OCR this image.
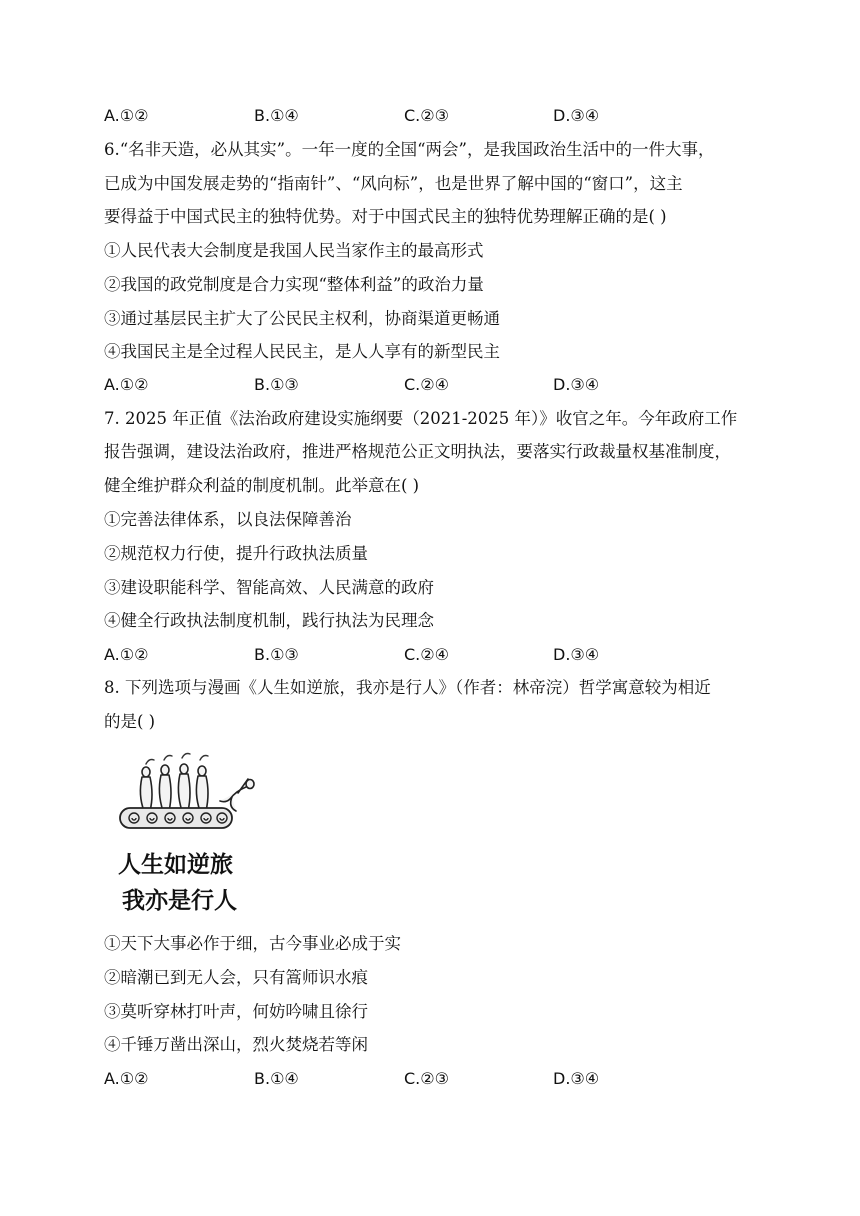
A.①②	B.①④	C.②③	D.③④
6.“名非天造，必从其实”。一年一度的全国“两会”，是我国政治生活中的一件大事，
已成为中国发展走势的“指南针”、“风向标”，也是世界了解中国的“窗口”，这主
要得益于中国式民主的独特优势。对于中国式民主的独特优势理解正确的是( )
①人民代表大会制度是我国人民当家作主的最高形式
②我国的政党制度是合力实现“整体利益”的政治力量
③通过基层民主扩大了公民民主权利，协商渠道更畅通
④我国民主是全过程人民民主，是人人享有的新型民主
A.①②	B.①③	C.②④	D.③④
7. 2025 年正值《法治政府建设实施纲要（2021-2025 年）》收官之年。今年政府工作
报告强调，建设法治政府，推进严格规范公正文明执法，要落实行政裁量权基准制度，
健全维护群众利益的制度机制。此举意在( )
①完善法律体系，以良法保障善治
②规范权力行使，提升行政执法质量
③建设职能科学、智能高效、人民满意的政府
④健全行政执法制度机制，践行执法为民理念
A.①②	B.①③	C.②④	D.③④
8. 下列选项与漫画《人生如逆旅，我亦是行人》（作者：林帝浣）哲学寓意较为相近
的是( )
人生如逆旅
我亦是行人
①天下大事必作于细，古今事业必成于实
②暗潮已到无人会，只有篙师识水痕
③莫听穿林打叶声，何妨吟啸且徐行
④千锤万凿出深山，烈火焚烧若等闲
A.①②	B.①④	C.②③	D.③④
